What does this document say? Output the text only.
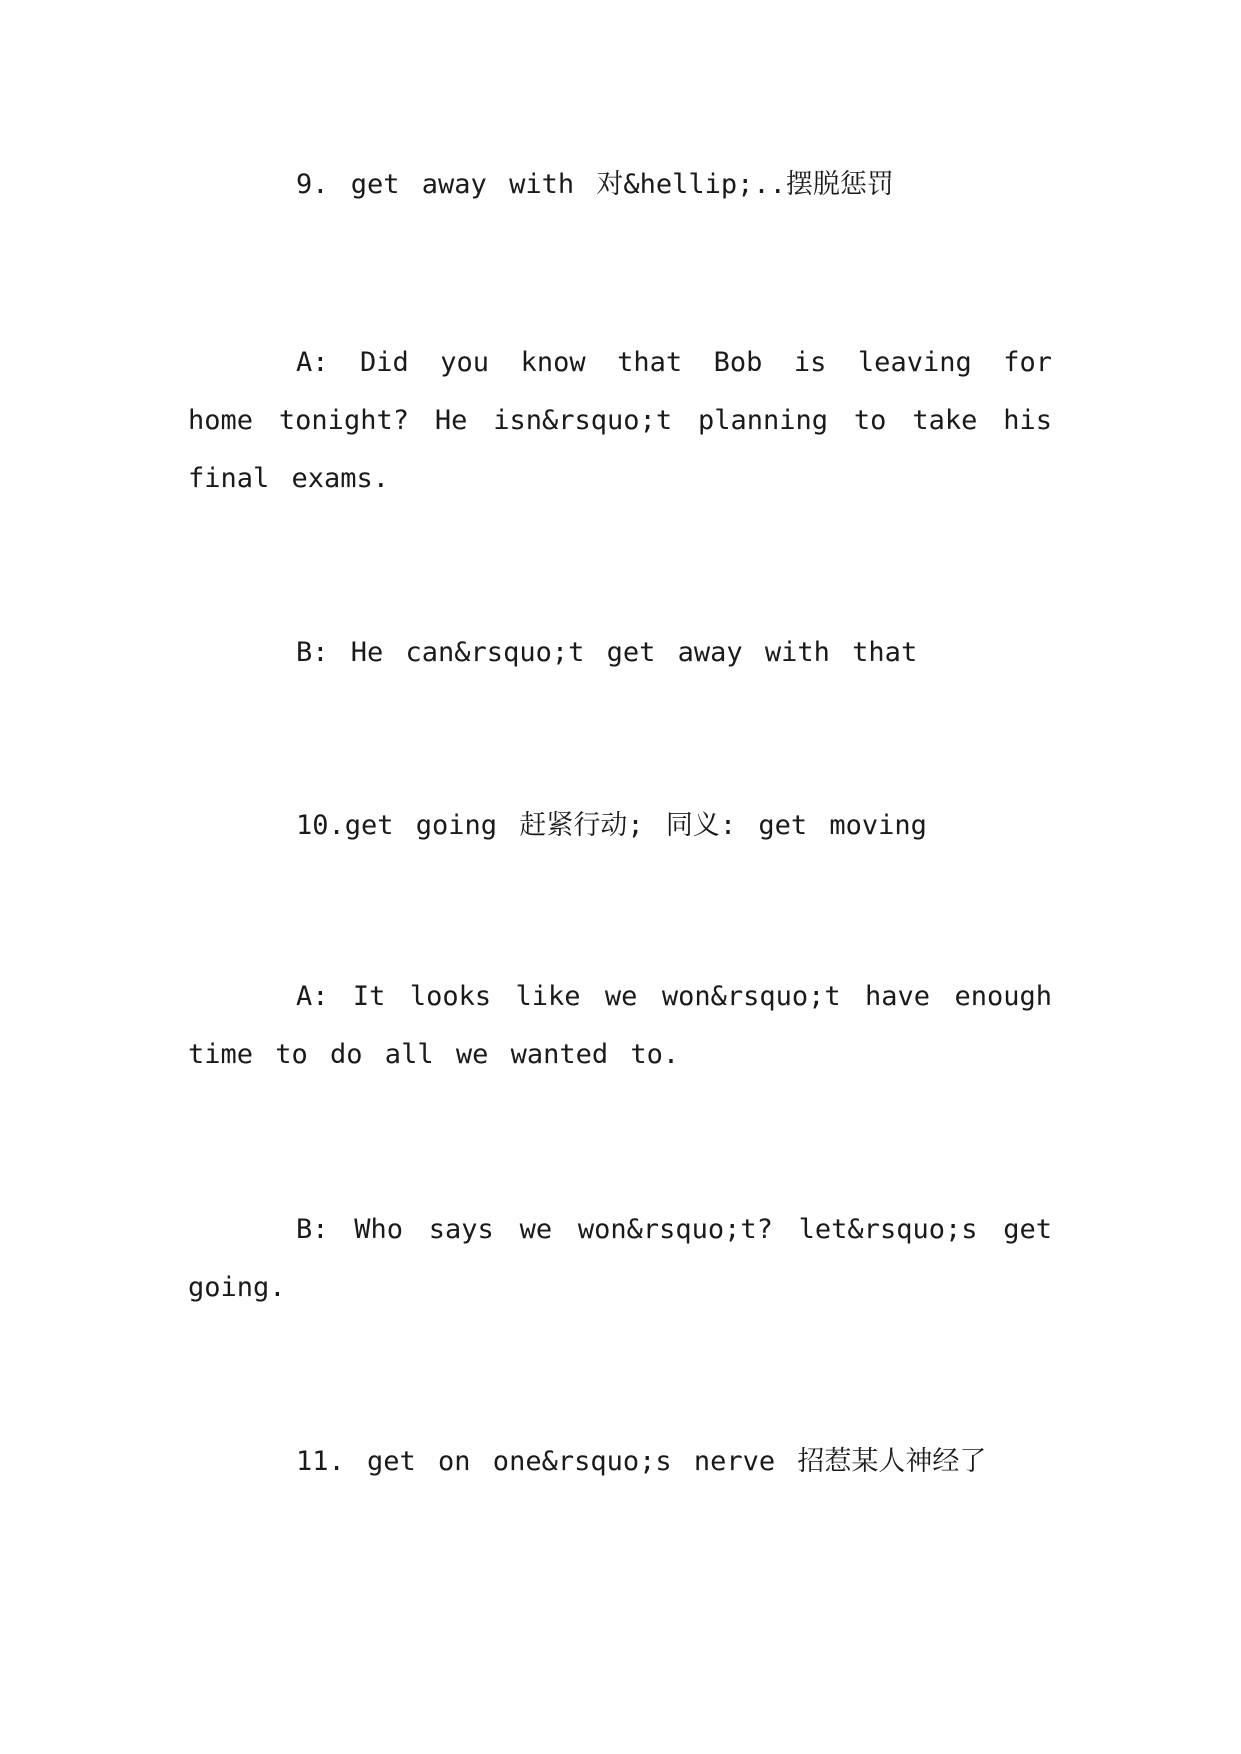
9. get away with 对&hellip;..摆脱惩罚

A: Did you know that Bob is leaving for home tonight? He isn&rsquo;t planning to take his final exams.

B: He can&rsquo;t get away with that

10.get going 赶紧行动; 同义: get moving

A: It looks like we won&rsquo;t have enough time to do all we wanted to.

B: Who says we won&rsquo;t? let&rsquo;s get going.

11. get on one&rsquo;s nerve 招惹某人神经了
